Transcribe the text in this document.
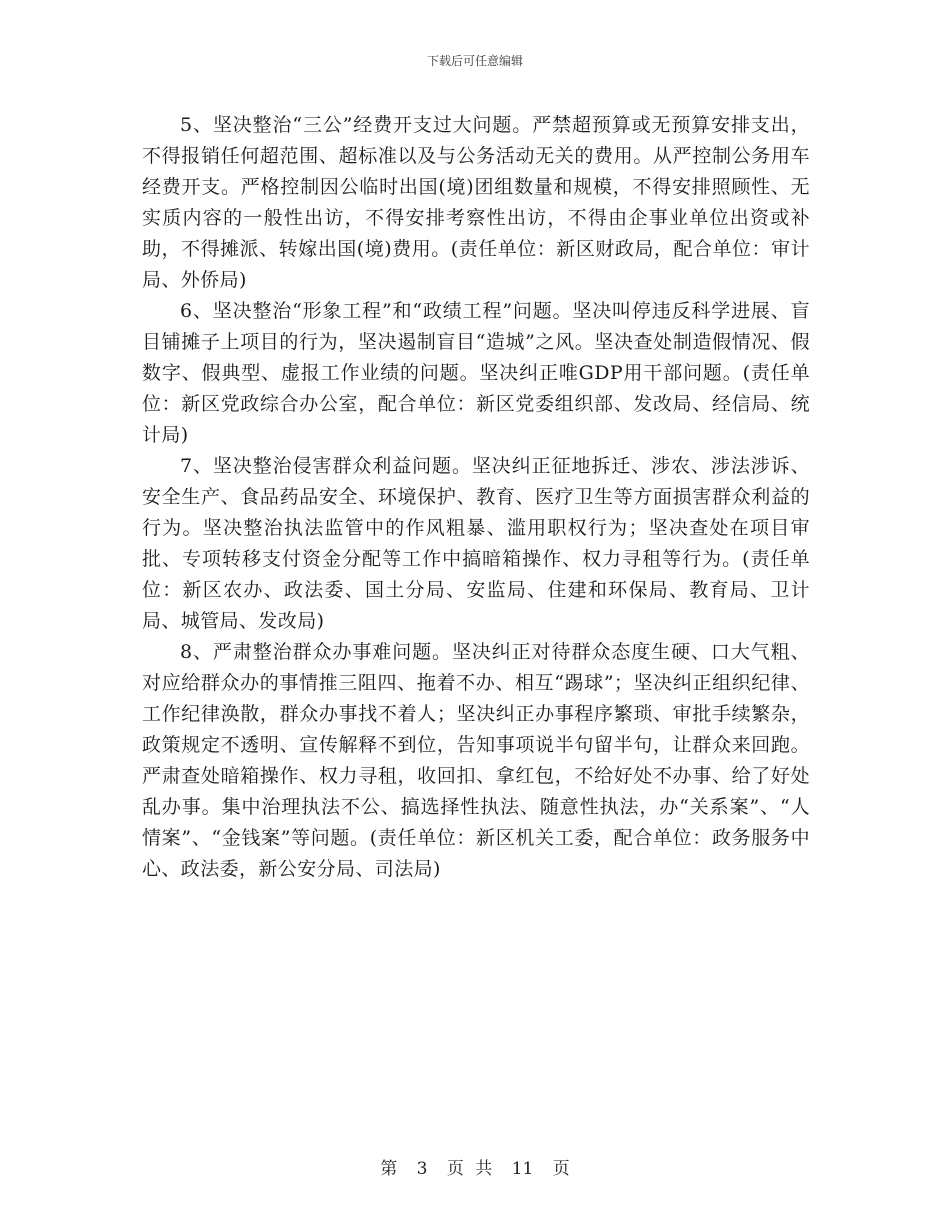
下载后可任意编辑

5、坚决整治“三公”经费开支过大问题。严禁超预算或无预算安排支出，不得报销任何超范围、超标准以及与公务活动无关的费用。从严控制公务用车经费开支。严格控制因公临时出国(境)团组数量和规模，不得安排照顾性、无实质内容的一般性出访，不得安排考察性出访，不得由企事业单位出资或补助，不得摊派、转嫁出国(境)费用。(责任单位：新区财政局，配合单位：审计局、外侨局)

6、坚决整治“形象工程”和“政绩工程”问题。坚决叫停违反科学进展、盲目铺摊子上项目的行为，坚决遏制盲目“造城”之风。坚决查处制造假情况、假数字、假典型、虚报工作业绩的问题。坚决纠正唯GDP用干部问题。(责任单位：新区党政综合办公室，配合单位：新区党委组织部、发改局、经信局、统计局)

7、坚决整治侵害群众利益问题。坚决纠正征地拆迁、涉农、涉法涉诉、安全生产、食品药品安全、环境保护、教育、医疗卫生等方面损害群众利益的行为。坚决整治执法监管中的作风粗暴、滥用职权行为；坚决查处在项目审批、专项转移支付资金分配等工作中搞暗箱操作、权力寻租等行为。(责任单位：新区农办、政法委、国土分局、安监局、住建和环保局、教育局、卫计局、城管局、发改局)

8、严肃整治群众办事难问题。坚决纠正对待群众态度生硬、口大气粗、对应给群众办的事情推三阻四、拖着不办、相互“踢球”；坚决纠正组织纪律、工作纪律涣散，群众办事找不着人；坚决纠正办事程序繁琐、审批手续繁杂，政策规定不透明、宣传解释不到位，告知事项说半句留半句，让群众来回跑。严肃查处暗箱操作、权力寻租，收回扣、拿红包，不给好处不办事、给了好处乱办事。集中治理执法不公、搞选择性执法、随意性执法，办“关系案”、“人情案”、“金钱案”等问题。(责任单位：新区机关工委，配合单位：政务服务中心、政法委，新公安分局、司法局)

第 3 页 共 11 页
